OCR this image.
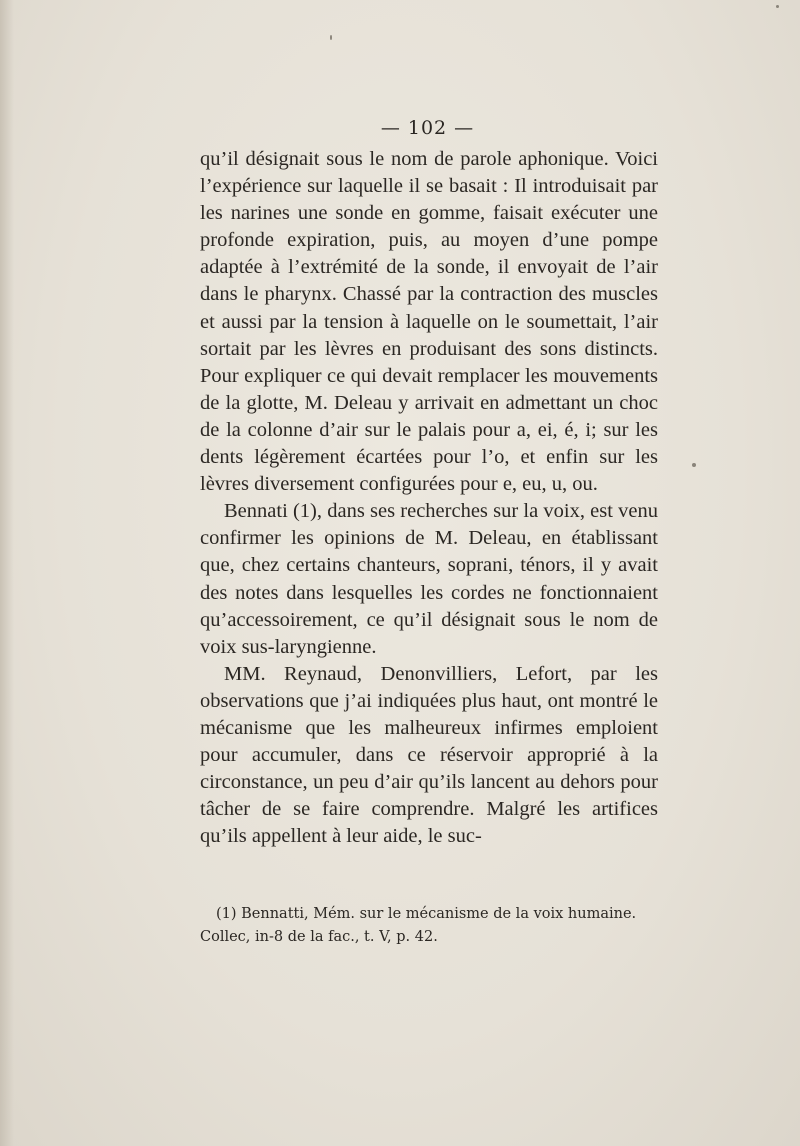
— 102 —

qu’il désignait sous le nom de parole aphonique. Voici l’expérience sur laquelle il se basait : Il introduisait par les narines une sonde en gomme, faisait exécuter une profonde expiration, puis, au moyen d’une pompe adaptée à l’extrémité de la sonde, il envoyait de l’air dans le pharynx. Chassé par la contraction des muscles et aussi par la tension à laquelle on le soumettait, l’air sortait par les lèvres en produisant des sons distincts. Pour expliquer ce qui devait remplacer les mouvements de la glotte, M. Deleau y arrivait en admettant un choc de la colonne d’air sur le palais pour a, ei, é, i; sur les dents légèrement écartées pour l’o, et enfin sur les lèvres diversement configurées pour e, eu, u, ou.

Bennati (1), dans ses recherches sur la voix, est venu confirmer les opinions de M. Deleau, en établissant que, chez certains chanteurs, soprani, ténors, il y avait des notes dans lesquelles les cordes ne fonctionnaient qu’accessoirement, ce qu’il désignait sous le nom de voix sus-laryngienne.

MM. Reynaud, Denonvilliers, Lefort, par les observations que j’ai indiquées plus haut, ont montré le mécanisme que les malheureux infirmes emploient pour accumuler, dans ce réservoir approprié à la circonstance, un peu d’air qu’ils lancent au dehors pour tâcher de se faire comprendre. Malgré les artifices qu’ils appellent à leur aide, le suc-

(1) Bennatti, Mém. sur le mécanisme de la voix humaine. Collec, in-8 de la fac., t. V, p. 42.
